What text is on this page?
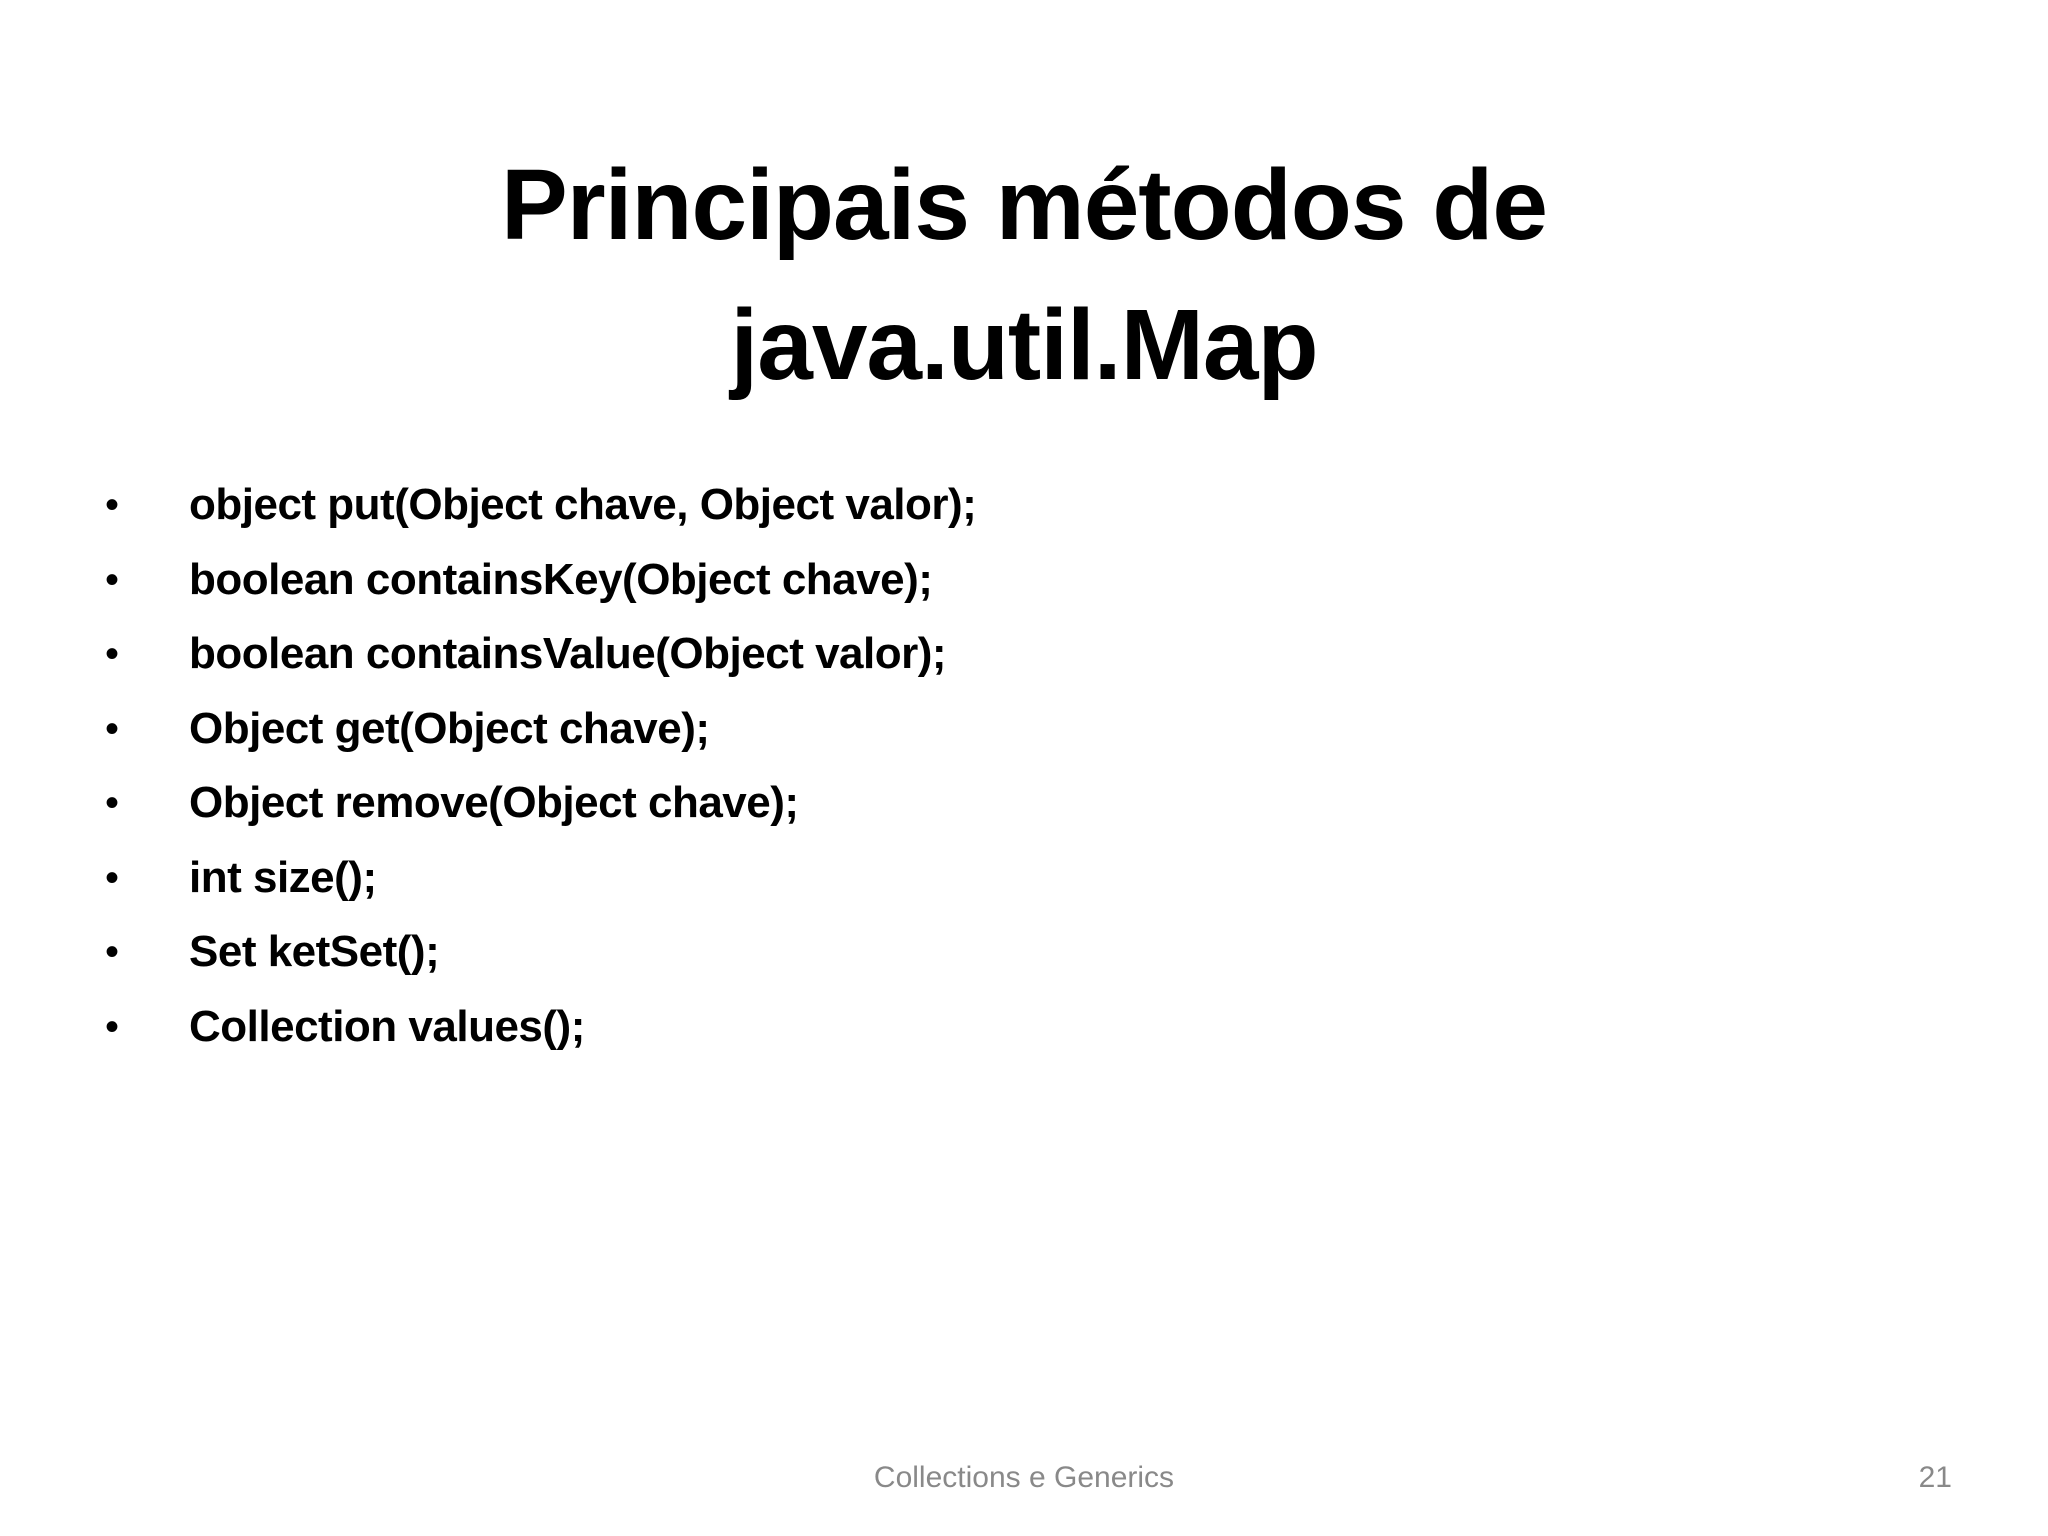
Principais métodos de
java.util.Map
• object put(Object chave, Object valor);
• boolean containsKey(Object chave);
• boolean containsValue(Object valor);
• Object get(Object chave);
• Object remove(Object chave);
• int size();
• Set ketSet();
• Collection values();
Collections e Generics	21
